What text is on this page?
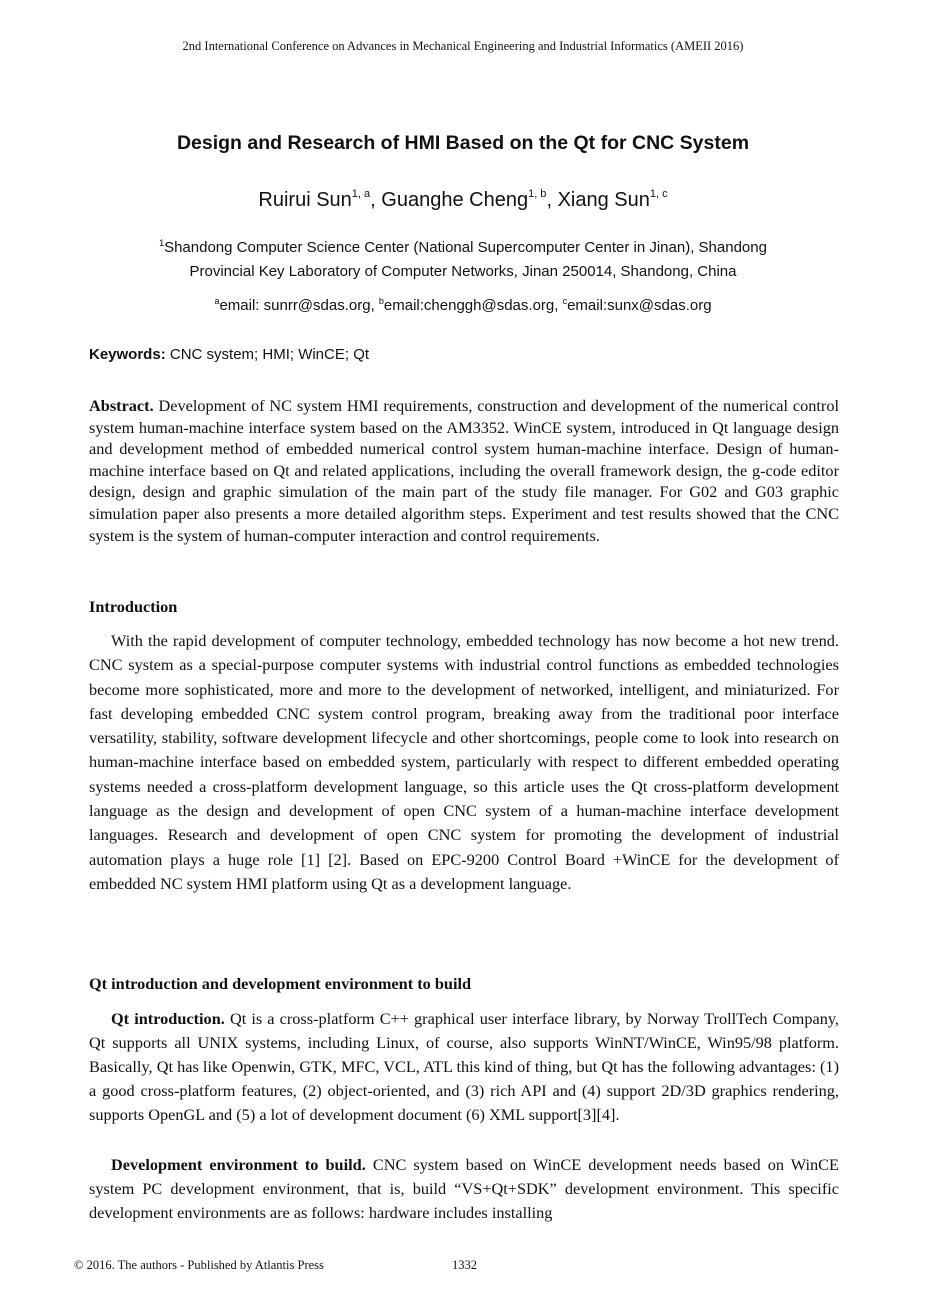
2nd International Conference on Advances in Mechanical Engineering and Industrial Informatics (AMEII 2016)
Design and Research of HMI Based on the Qt for CNC System
Ruirui Sun$^{1, a}$, Guanghe Cheng$^{1, b}$, Xiang Sun$^{1, c}$
$^1$Shandong Computer Science Center (National Supercomputer Center in Jinan), Shandong
Provincial Key Laboratory of Computer Networks, Jinan 250014, Shandong, China
$^a$email: sunrr@sdas.org, $^b$email:chenggh@sdas.org, $^c$email:sunx@sdas.org
Keywords: CNC system; HMI; WinCE; Qt
Abstract. Development of NC system HMI requirements, construction and development of the numerical control system human-machine interface system based on the AM3352. WinCE system, introduced in Qt language design and development method of embedded numerical control system human-machine interface. Design of human-machine interface based on Qt and related applications, including the overall framework design, the g-code editor design, design and graphic simulation of the main part of the study file manager. For G02 and G03 graphic simulation paper also presents a more detailed algorithm steps. Experiment and test results showed that the CNC system is the system of human-computer interaction and control requirements.
Introduction
With the rapid development of computer technology, embedded technology has now become a hot new trend. CNC system as a special-purpose computer systems with industrial control functions as embedded technologies become more sophisticated, more and more to the development of networked, intelligent, and miniaturized. For fast developing embedded CNC system control program, breaking away from the traditional poor interface versatility, stability, software development lifecycle and other shortcomings, people come to look into research on human-machine interface based on embedded system, particularly with respect to different embedded operating systems needed a cross-platform development language, so this article uses the Qt cross-platform development language as the design and development of open CNC system of a human-machine interface development languages. Research and development of open CNC system for promoting the development of industrial automation plays a huge role [1] [2]. Based on EPC-9200 Control Board +WinCE for the development of embedded NC system HMI platform using Qt as a development language.
Qt introduction and development environment to build
Qt introduction. Qt is a cross-platform C++ graphical user interface library, by Norway TrollTech Company, Qt supports all UNIX systems, including Linux, of course, also supports WinNT/WinCE, Win95/98 platform. Basically, Qt has like Openwin, GTK, MFC, VCL, ATL this kind of thing, but Qt has the following advantages: (1) a good cross-platform features, (2) object-oriented, and (3) rich API and (4) support 2D/3D graphics rendering, supports OpenGL and (5) a lot of development document (6) XML support[3][4].
Development environment to build. CNC system based on WinCE development needs based on WinCE system PC development environment, that is, build “VS+Qt+SDK” development environment. This specific development environments are as follows: hardware includes installing
© 2016. The authors - Published by Atlantis Press	1332
